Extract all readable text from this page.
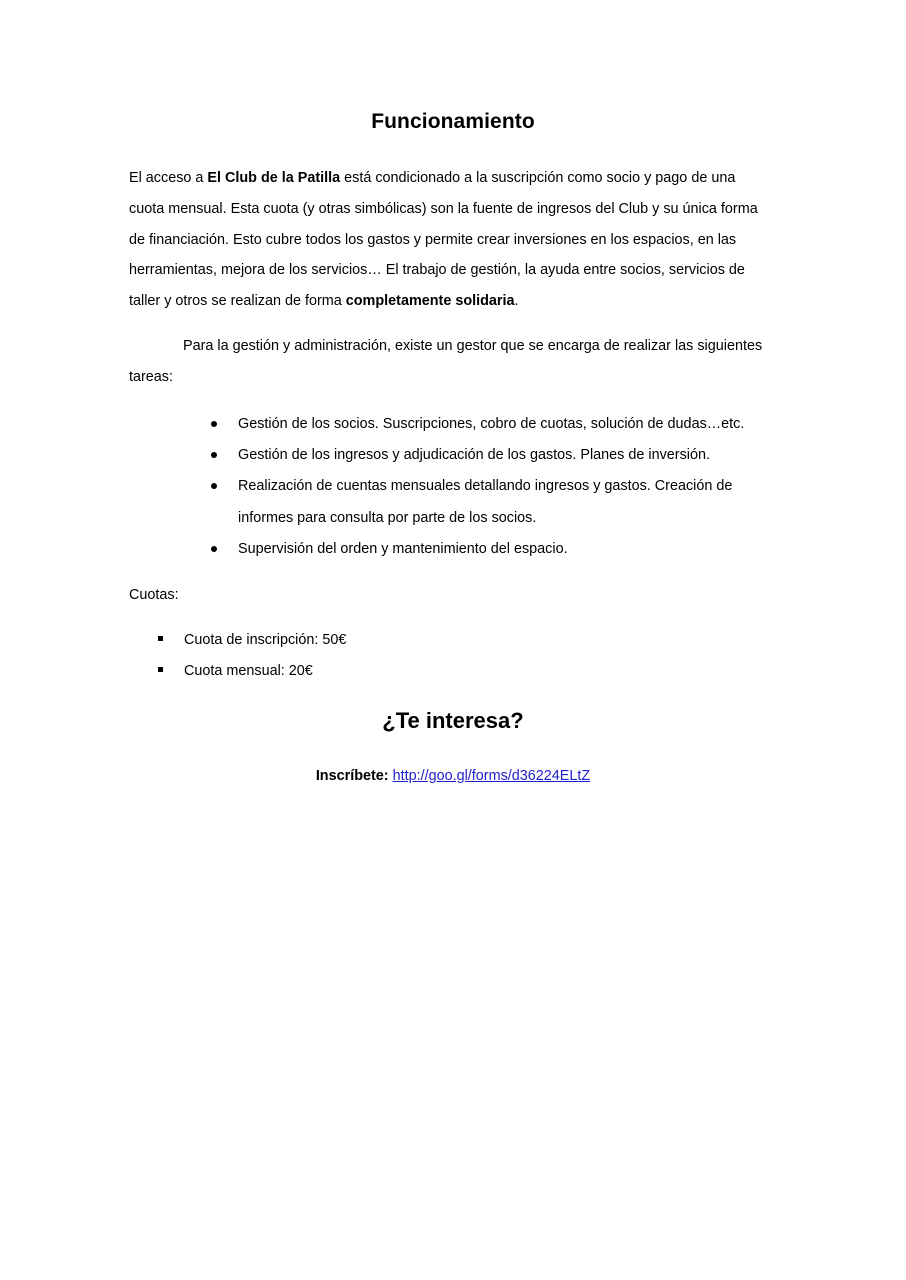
Funcionamiento

El acceso a El Club de la Patilla está condicionado a la suscripción como socio y pago de una cuota mensual. Esta cuota (y otras simbólicas) son la fuente de ingresos del Club y su única forma de financiación. Esto cubre todos los gastos y permite crear inversiones en los espacios, en las herramientas, mejora de los servicios… El trabajo de gestión, la ayuda entre socios, servicios de taller y otros se realizan de forma completamente solidaria.

Para la gestión y administración, existe un gestor que se encarga de realizar las siguientes tareas:

Gestión de los socios. Suscripciones, cobro de cuotas, solución de dudas…etc.
Gestión de los ingresos y adjudicación de los gastos. Planes de inversión.
Realización de cuentas mensuales detallando ingresos y gastos. Creación de informes para consulta por parte de los socios.
Supervisión del orden y mantenimiento del espacio.

Cuotas:

Cuota de inscripción: 50€
Cuota mensual: 20€
¿Te interesa?

Inscríbete: http://goo.gl/forms/d36224ELtZ
